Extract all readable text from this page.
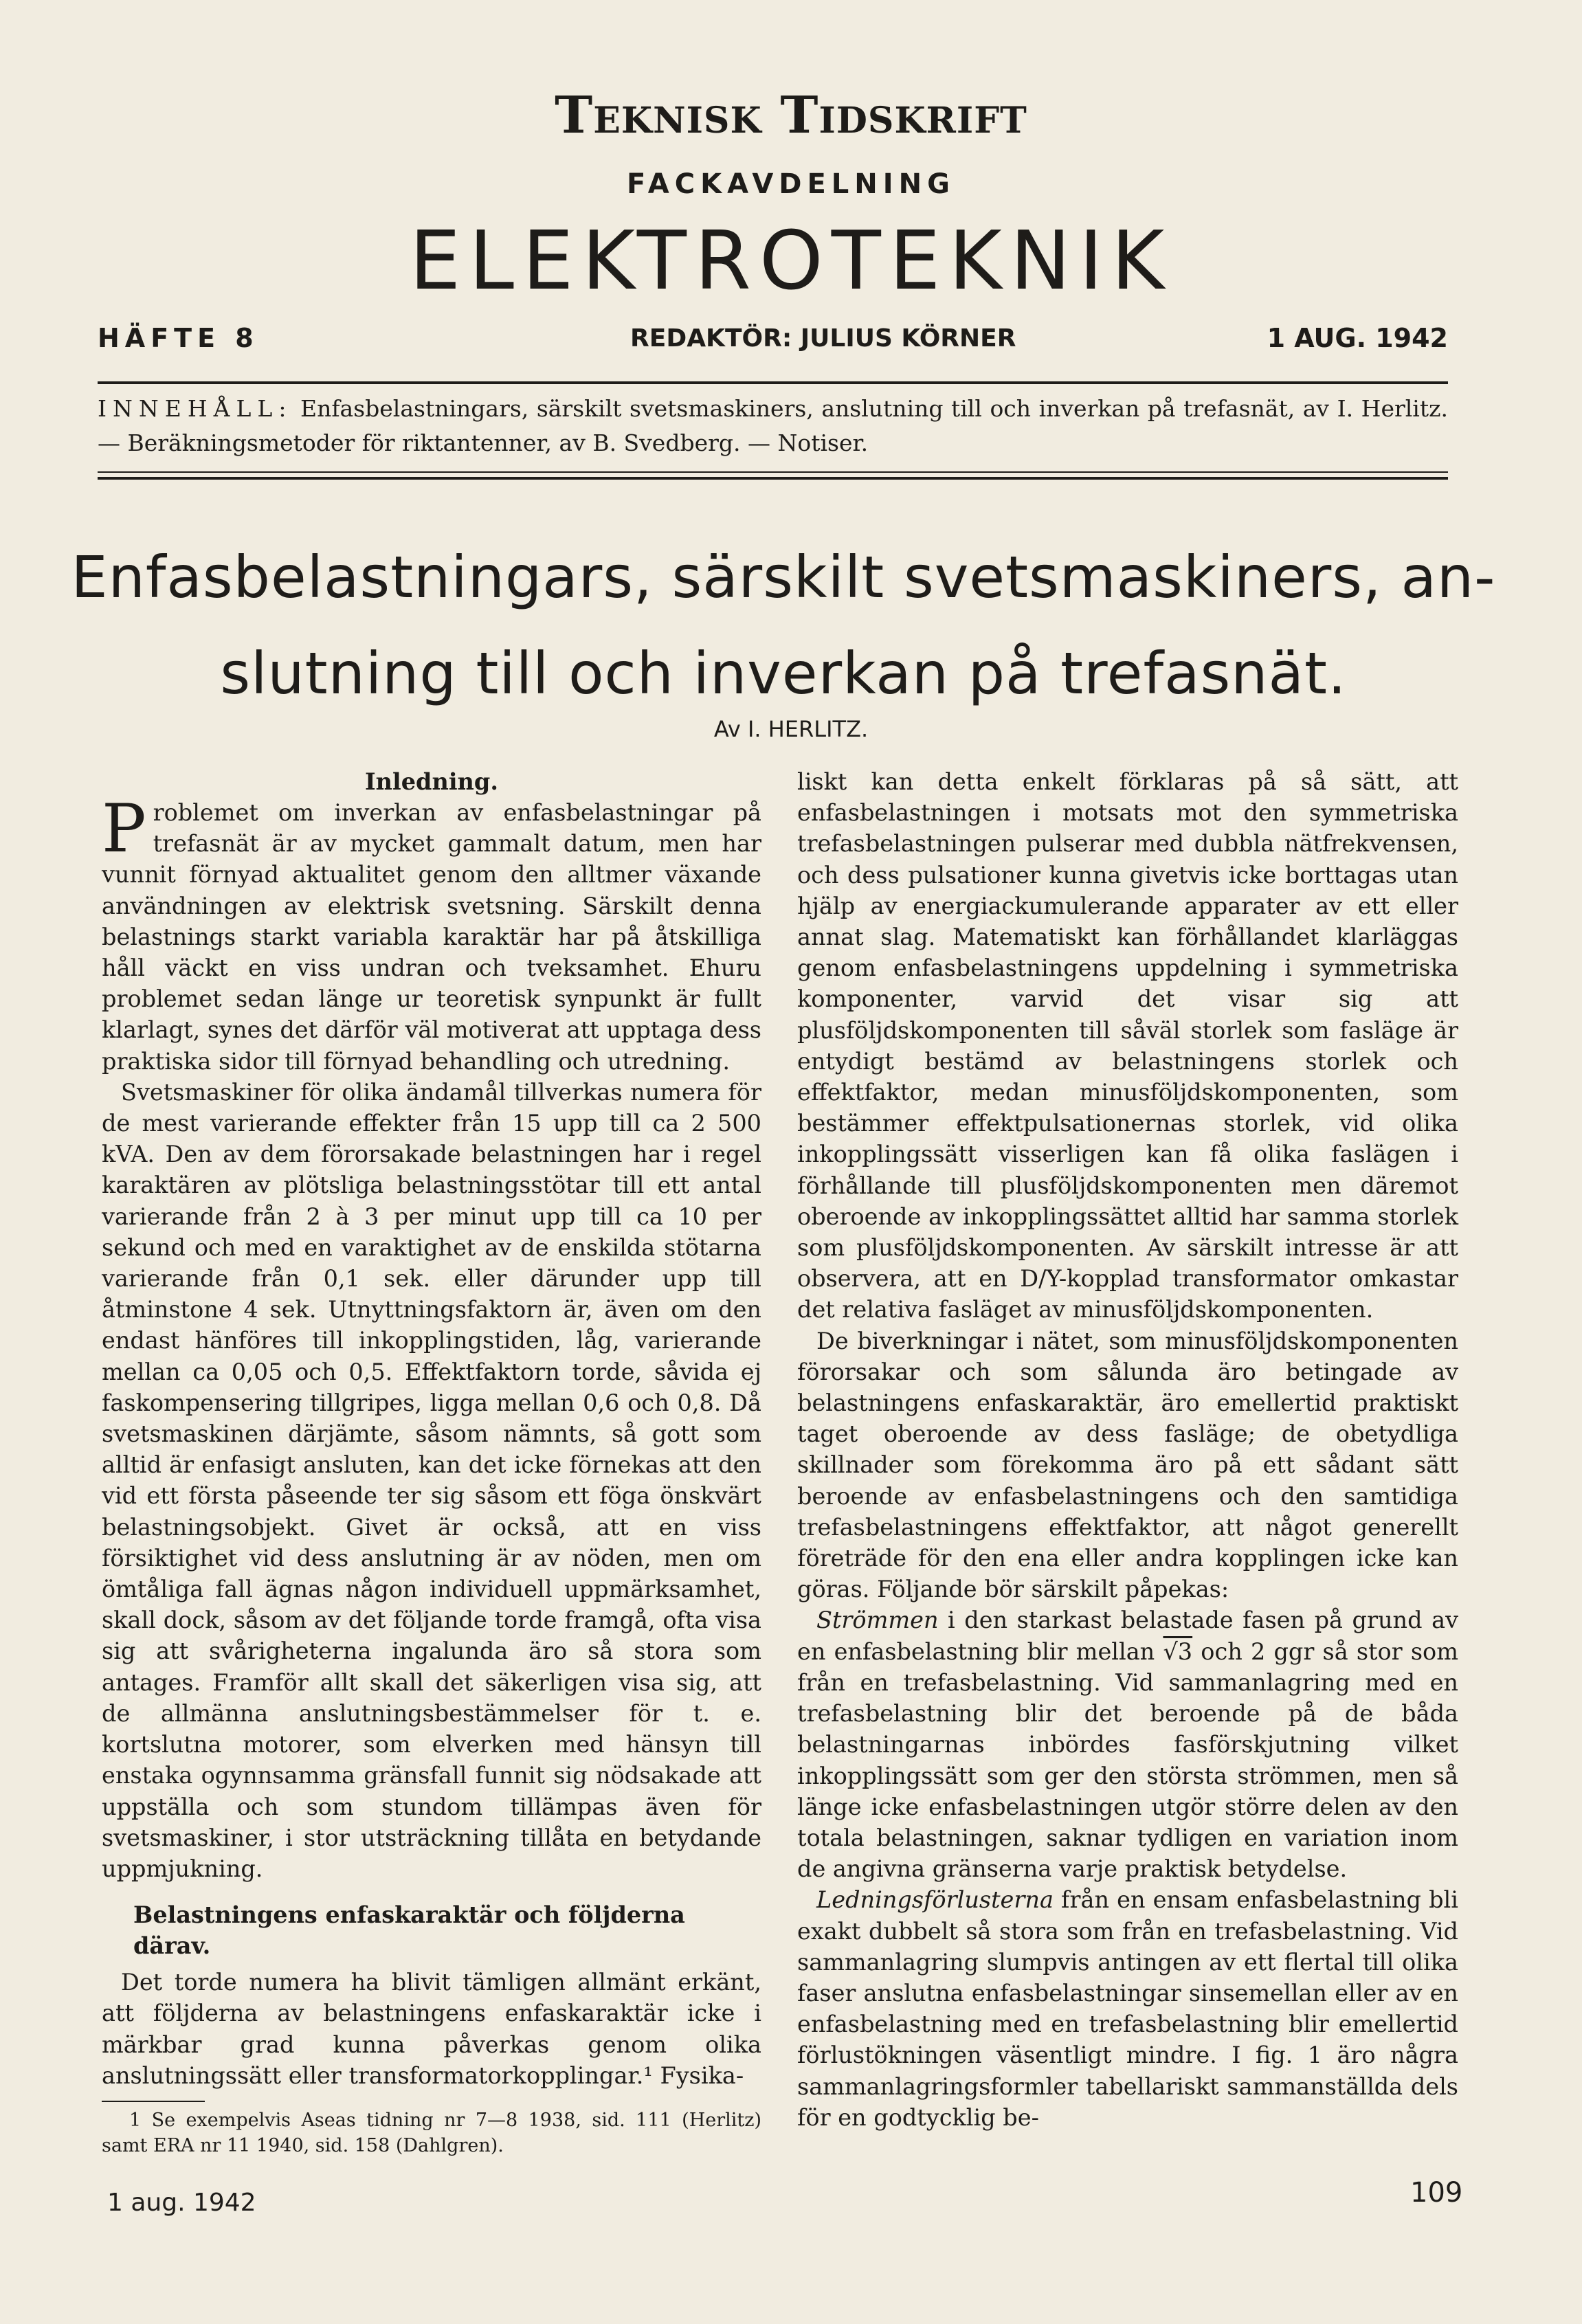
Teknisk Tidskrift
FACKAVDELNING
ELEKTROTEKNIK
HÄFTE 8	REDAKTÖR: JULIUS KÖRNER	1 AUG. 1942
INNEHÅLL: Enfasbelastningars, särskilt svetsmaskiners, anslutning till och inverkan på trefasnät, av I. Herlitz. — Beräkningsmetoder för riktantenner, av B. Svedberg. — Notiser.
Enfasbelastningars, särskilt svetsmaskiners, an-
slutning till och inverkan på trefasnät.
Av I. HERLITZ.
Inledning.

Problemet om inverkan av enfasbelastningar på trefasnät är av mycket gammalt datum, men har vunnit förnyad aktualitet genom den alltmer växande användningen av elektrisk svetsning. Särskilt denna belastnings starkt variabla karaktär har på åtskilliga håll väckt en viss undran och tveksamhet. Ehuru problemet sedan länge ur teoretisk synpunkt är fullt klarlagt, synes det därför väl motiverat att upptaga dess praktiska sidor till förnyad behandling och utredning.

Svetsmaskiner för olika ändamål tillverkas numera för de mest varierande effekter från 15 upp till ca 2 500 kVA. Den av dem förorsakade belastningen har i regel karaktären av plötsliga belastningsstötar till ett antal varierande från 2 à 3 per minut upp till ca 10 per sekund och med en varaktighet av de enskilda stötarna varierande från 0,1 sek. eller därunder upp till åtminstone 4 sek. Utnyttningsfaktorn är, även om den endast hänföres till inkopplingstiden, låg, varierande mellan ca 0,05 och 0,5. Effektfaktorn torde, såvida ej faskompensering tillgripes, ligga mellan 0,6 och 0,8. Då svetsmaskinen därjämte, såsom nämnts, så gott som alltid är enfasigt ansluten, kan det icke förnekas att den vid ett första påseende ter sig såsom ett föga önskvärt belastningsobjekt. Givet är också, att en viss försiktighet vid dess anslutning är av nöden, men om ömtåliga fall ägnas någon individuell uppmärksamhet, skall dock, såsom av det följande torde framgå, ofta visa sig att svårigheterna ingalunda äro så stora som antages. Framför allt skall det säkerligen visa sig, att de allmänna anslutningsbestämmelser för t. e. kortslutna motorer, som elverken med hänsyn till enstaka ogynnsamma gränsfall funnit sig nödsakade att uppställa och som stundom tillämpas även för svetsmaskiner, i stor utsträckning tillåta en betydande uppmjukning.

Belastningens enfaskaraktär och följderna därav.

Det torde numera ha blivit tämligen allmänt erkänt, att följderna av belastningens enfaskaraktär icke i märkbar grad kunna påverkas genom olika anslutningssätt eller transformatorkopplingar.¹ Fysika-

1 Se exempelvis Aseas tidning nr 7—8 1938, sid. 111 (Herlitz) samt ERA nr 11 1940, sid. 158 (Dahlgren).

liskt kan detta enkelt förklaras på så sätt, att enfasbelastningen i motsats mot den symmetriska trefasbelastningen pulserar med dubbla nätfrekvensen, och dess pulsationer kunna givetvis icke borttagas utan hjälp av energiackumulerande apparater av ett eller annat slag. Matematiskt kan förhållandet klarläggas genom enfasbelastningens uppdelning i symmetriska komponenter, varvid det visar sig att plusföljdskomponenten till såväl storlek som fasläge är entydigt bestämd av belastningens storlek och effektfaktor, medan minusföljdskomponenten, som bestämmer effektpulsationernas storlek, vid olika inkopplingssätt visserligen kan få olika faslägen i förhållande till plusföljdskomponenten men däremot oberoende av inkopplingssättet alltid har samma storlek som plusföljdskomponenten. Av särskilt intresse är att observera, att en D/Y-kopplad transformator omkastar det relativa fasläget av minusföljdskomponenten.

De biverkningar i nätet, som minusföljdskomponenten förorsakar och som sålunda äro betingade av belastningens enfaskaraktär, äro emellertid praktiskt taget oberoende av dess fasläge; de obetydliga skillnader som förekomma äro på ett sådant sätt beroende av enfasbelastningens och den samtidiga trefasbelastningens effektfaktor, att något generellt företräde för den ena eller andra kopplingen icke kan göras. Följande bör särskilt påpekas:

Strömmen i den starkast belastade fasen på grund av en enfasbelastning blir mellan √3 och 2 ggr så stor som från en trefasbelastning. Vid sammanlagring med en trefasbelastning blir det beroende på de båda belastningarnas inbördes fasförskjutning vilket inkopplingssätt som ger den största strömmen, men så länge icke enfasbelastningen utgör större delen av den totala belastningen, saknar tydligen en variation inom de angivna gränserna varje praktisk betydelse.

Ledningsförlusterna från en ensam enfasbelastning bli exakt dubbelt så stora som från en trefasbelastning. Vid sammanlagring slumpvis antingen av ett flertal till olika faser anslutna enfasbelastningar sinsemellan eller av en enfasbelastning med en trefasbelastning blir emellertid förlustökningen väsentligt mindre. I fig. 1 äro några sammanlagringsformler tabellariskt sammanställda dels för en godtycklig be-

1 aug. 1942	109
